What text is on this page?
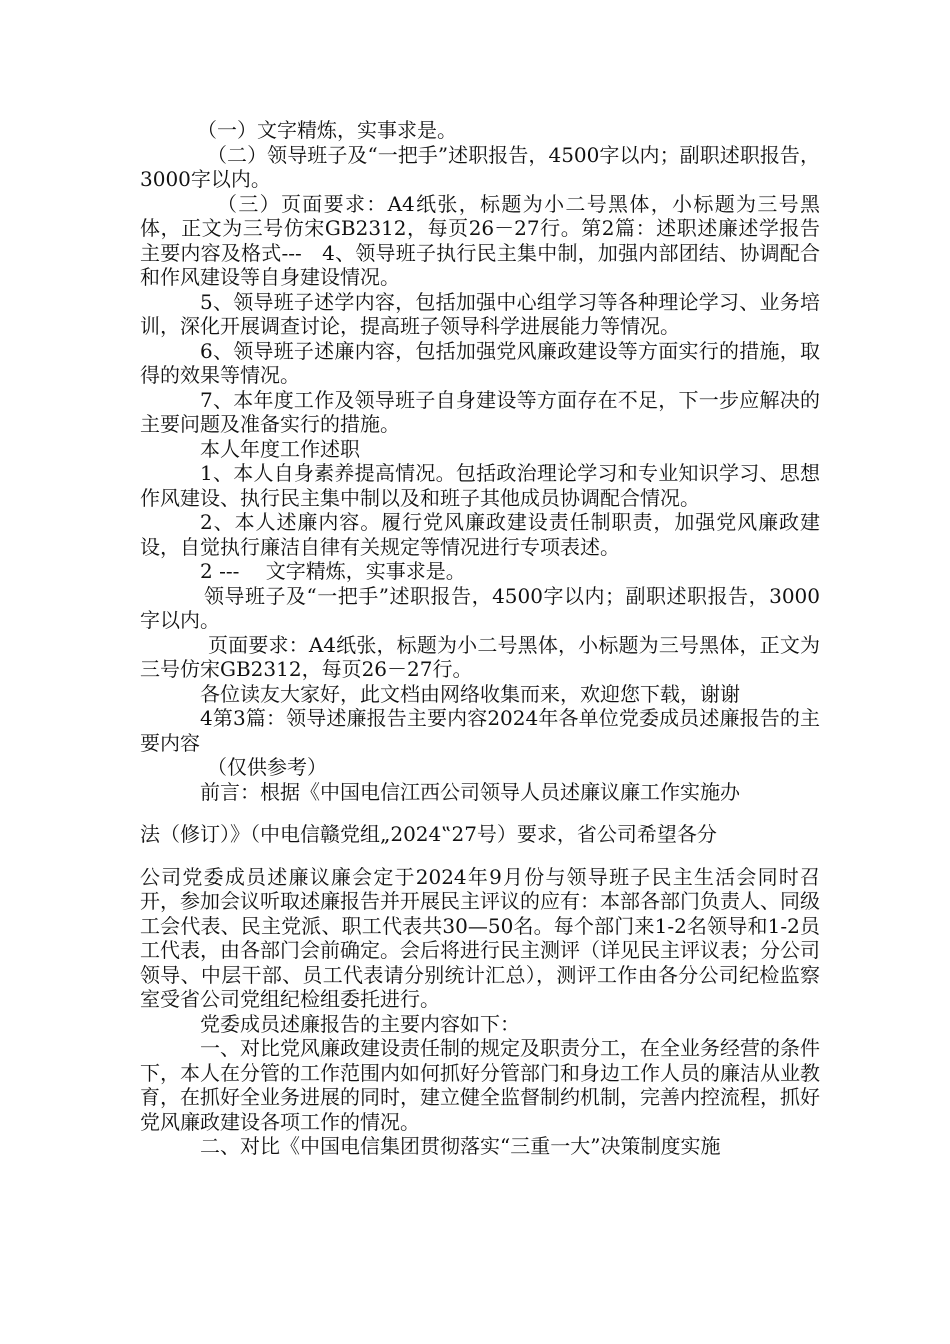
（一）文字精炼，实事求是。

（二）领导班子及“一把手”述职报告，4500字以内；副职述职报告，3000字以内。

（三）页面要求：A4纸张，标题为小二号黑体，小标题为三号黑体，正文为三号仿宋GB2312，每页26－27行。第2篇：述职述廉述学报告主要内容及格式---　4、领导班子执行民主集中制，加强内部团结、协调配合和作风建设等自身建设情况。

5、领导班子述学内容，包括加强中心组学习等各种理论学习、业务培训，深化开展调查讨论，提高班子领导科学进展能力等情况。

6、领导班子述廉内容，包括加强党风廉政建设等方面实行的措施，取得的效果等情况。

7、本年度工作及领导班子自身建设等方面存在不足，下一步应解决的主要问题及准备实行的措施。

本人年度工作述职

1、本人自身素养提高情况。包括政治理论学习和专业知识学习、思想作风建设、执行民主集中制以及和班子其他成员协调配合情况。

2、本人述廉内容。履行党风廉政建设责任制职责，加强党风廉政建设，自觉执行廉洁自律有关规定等情况进行专项表述。

2 ---　 文字精炼，实事求是。

领导班子及“一把手”述职报告，4500字以内；副职述职报告，3000字以内。

页面要求：A4纸张，标题为小二号黑体，小标题为三号黑体，正文为三号仿宋GB2312，每页26－27行。

各位读友大家好，此文档由网络收集而来，欢迎您下载，谢谢

4第3篇：领导述廉报告主要内容2024年各单位党委成员述廉报告的主要内容

（仅供参考）

前言：根据《中国电信江西公司领导人员述廉议廉工作实施办

法（修订）》（中电信赣党组„2024‟27号）要求，省公司希望各分

公司党委成员述廉议廉会定于2024年9月份与领导班子民主生活会同时召开，参加会议听取述廉报告并开展民主评议的应有：本部各部门负责人、同级工会代表、民主党派、职工代表共30—50名。每个部门来1-2名领导和1-2员工代表，由各部门会前确定。会后将进行民主测评（详见民主评议表；分公司领导、中层干部、员工代表请分别统计汇总），测评工作由各分公司纪检监察室受省公司党组纪检组委托进行。

党委成员述廉报告的主要内容如下：

一、对比党风廉政建设责任制的规定及职责分工，在全业务经营的条件下，本人在分管的工作范围内如何抓好分管部门和身边工作人员的廉洁从业教育，在抓好全业务进展的同时，建立健全监督制约机制，完善内控流程，抓好党风廉政建设各项工作的情况。

二、对比《中国电信集团贯彻落实“三重一大”决策制度实施
